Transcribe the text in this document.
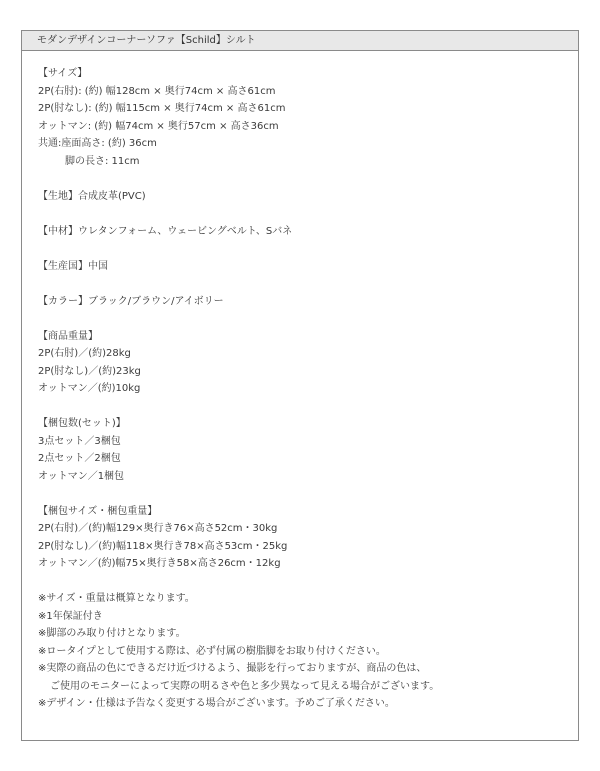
モダンデザインコーナーソファ【Schild】シルト
【サイズ】
2P(右肘): (約) 幅128cm × 奥行74cm × 高さ61cm
2P(肘なし): (約) 幅115cm × 奥行74cm × 高さ61cm
オットマン: (約) 幅74cm × 奥行57cm × 高さ36cm
共通:座面高さ: (約) 36cm
脚の長さ: 11cm
【生地】合成皮革(PVC)
【中材】ウレタンフォーム、ウェービングベルト、Sバネ
【生産国】中国
【カラー】ブラック/ブラウン/アイボリー
【商品重量】
2P(右肘)／(約)28kg
2P(肘なし)／(約)23kg
オットマン／(約)10kg
【梱包数(セット)】
3点セット／3梱包
2点セット／2梱包
オットマン／1梱包
【梱包サイズ・梱包重量】
2P(右肘)／(約)幅129×奥行き76×高さ52cm・30kg
2P(肘なし)／(約)幅118×奥行き78×高さ53cm・25kg
オットマン／(約)幅75×奥行き58×高さ26cm・12kg
※サイズ・重量は概算となります。
※1年保証付き
※脚部のみ取り付けとなります。
※ロータイプとして使用する際は、必ず付属の樹脂脚をお取り付けください。
※実際の商品の色にできるだけ近づけるよう、撮影を行っておりますが、商品の色は、
ご使用のモニターによって実際の明るさや色と多少異なって見える場合がございます。
※デザイン・仕様は予告なく変更する場合がございます。予めご了承ください。
